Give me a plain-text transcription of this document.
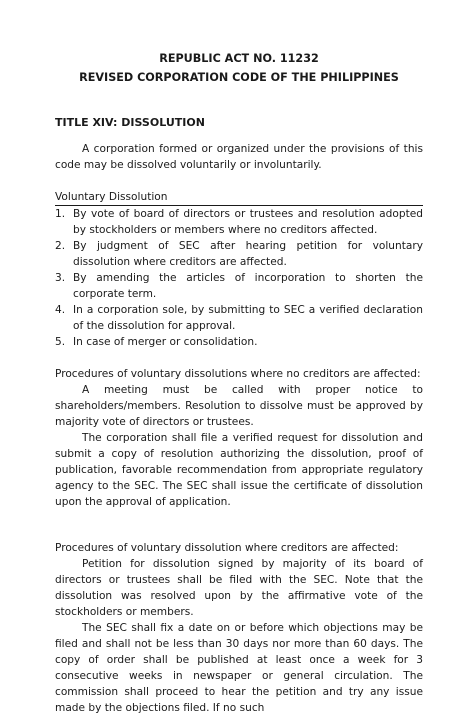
REPUBLIC ACT NO. 11232
REVISED CORPORATION CODE OF THE PHILIPPINES
TITLE XIV: DISSOLUTION

A corporation formed or organized under the provisions of this code may be dissolved voluntarily or involuntarily.

Voluntary Dissolution

1. By vote of board of directors or trustees and resolution adopted by stockholders or members where no creditors affected.
2. By judgment of SEC after hearing petition for voluntary dissolution where creditors are affected.
3. By amending the articles of incorporation to shorten the corporate term.
4. In a corporation sole, by submitting to SEC a verified declaration of the dissolution for approval.
5. In case of merger or consolidation.

Procedures of voluntary dissolutions where no creditors are affected:

A meeting must be called with proper notice to shareholders/members. Resolution to dissolve must be approved by majority vote of directors or trustees.

The corporation shall file a verified request for dissolution and submit a copy of resolution authorizing the dissolution, proof of publication, favorable recommendation from appropriate regulatory agency to the SEC. The SEC shall issue the certificate of dissolution upon the approval of application.

Procedures of voluntary dissolution where creditors are affected:

Petition for dissolution signed by majority of its board of directors or trustees shall be filed with the SEC. Note that the dissolution was resolved upon by the affirmative vote of the stockholders or members.

The SEC shall fix a date on or before which objections may be filed and shall not be less than 30 days nor more than 60 days. The copy of order shall be published at least once a week for 3 consecutive weeks in newspaper or general circulation. The commission shall proceed to hear the petition and try any issue made by the objections filed. If no such
